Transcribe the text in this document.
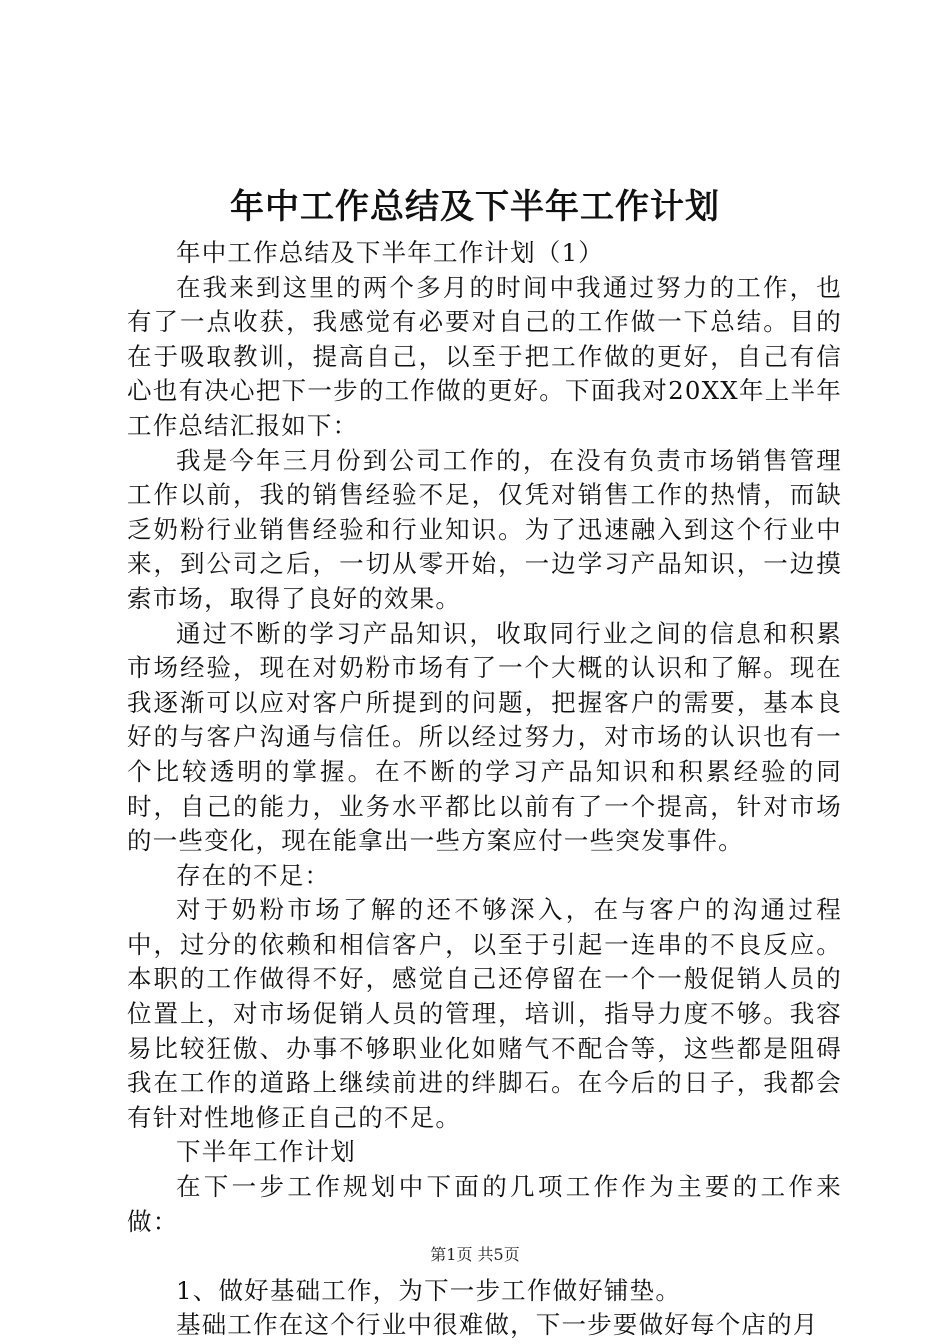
年中工作总结及下半年工作计划

年中工作总结及下半年工作计划（1）

在我来到这里的两个多月的时间中我通过努力的工作，也有了一点收获，我感觉有必要对自己的工作做一下总结。目的在于吸取教训，提高自己，以至于把工作做的更好，自己有信心也有决心把下一步的工作做的更好。下面我对20XX年上半年工作总结汇报如下：

我是今年三月份到公司工作的，在没有负责市场销售管理工作以前，我的销售经验不足，仅凭对销售工作的热情，而缺乏奶粉行业销售经验和行业知识。为了迅速融入到这个行业中来，到公司之后，一切从零开始，一边学习产品知识，一边摸索市场，取得了良好的效果。

通过不断的学习产品知识，收取同行业之间的信息和积累市场经验，现在对奶粉市场有了一个大概的认识和了解。现在我逐渐可以应对客户所提到的问题，把握客户的需要，基本良好的与客户沟通与信任。所以经过努力，对市场的认识也有一个比较透明的掌握。在不断的学习产品知识和积累经验的同时，自己的能力，业务水平都比以前有了一个提高，针对市场的一些变化，现在能拿出一些方案应付一些突发事件。

存在的不足：

对于奶粉市场了解的还不够深入，在与客户的沟通过程中，过分的依赖和相信客户，以至于引起一连串的不良反应。本职的工作做得不好，感觉自己还停留在一个一般促销人员的位置上，对市场促销人员的管理，培训，指导力度不够。我容易比较狂傲、办事不够职业化如赌气不配合等，这些都是阻碍我在工作的道路上继续前进的绊脚石。在今后的日子，我都会有针对性地修正自己的不足。

下半年工作计划

在下一步工作规划中下面的几项工作作为主要的工作来做：

1、做好基础工作，为下一步工作做好铺垫。

基础工作在这个行业中很难做，下一步要做好每个店的月

第1页 共5页
